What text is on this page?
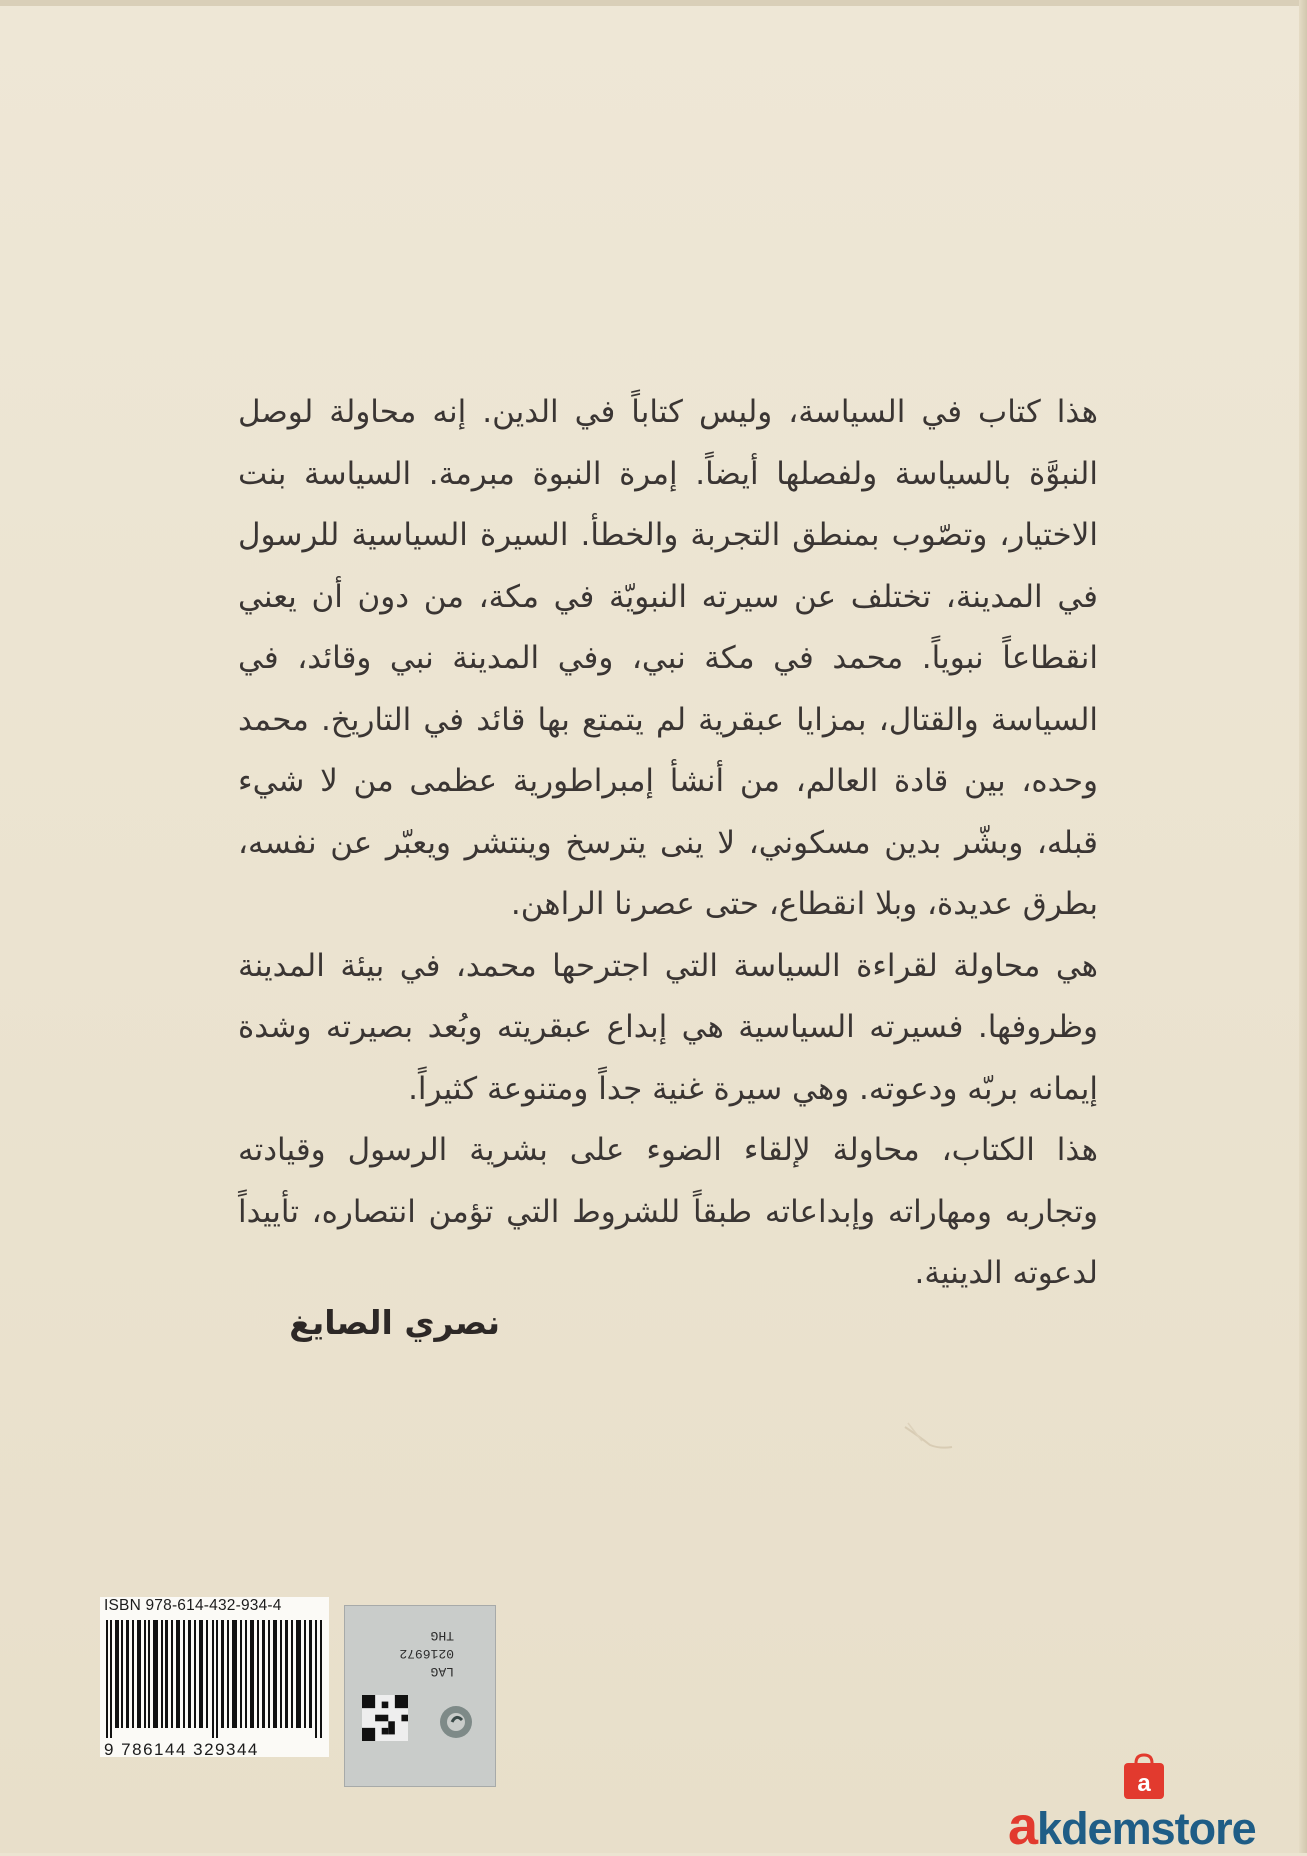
هذا كتاب في السياسة، وليس كتاباً في الدين. إنه محاولة لوصل النبوَّة بالسياسة ولفصلها أيضاً. إمرة النبوة مبرمة. السياسة بنت الاختيار، وتصّوب بمنطق التجربة والخطأ. السيرة السياسية للرسول في المدينة، تختلف عن سيرته النبويّة في مكة، من دون أن يعني انقطاعاً نبوياً. محمد في مكة نبي، وفي المدينة نبي وقائد، في السياسة والقتال، بمزايا عبقرية لم يتمتع بها قائد في التاريخ. محمد وحده، بين قادة العالم، من أنشأ إمبراطورية عظمى من لا شيء قبله، وبشّر بدين مسكوني، لا ينى يترسخ وينتشر ويعبّر عن نفسه، بطرق عديدة، وبلا انقطاع، حتى عصرنا الراهن.

هي محاولة لقراءة السياسة التي اجترحها محمد، في بيئة المدينة وظروفها. فسيرته السياسية هي إبداع عبقريته وبُعد بصيرته وشدة إيمانه بربّه ودعوته. وهي سيرة غنية جداً ومتنوعة كثيراً.

هذا الكتاب، محاولة لإلقاء الضوء على بشرية الرسول وقيادته وتجاربه ومهاراته وإبداعاته طبقاً للشروط التي تؤمن انتصاره، تأييداً لدعوته الدينية.

نصري الصايغ
ISBN 978-614-432-934-4
9 786144 329344
THG
0216972
LAG
a
akdemstore
